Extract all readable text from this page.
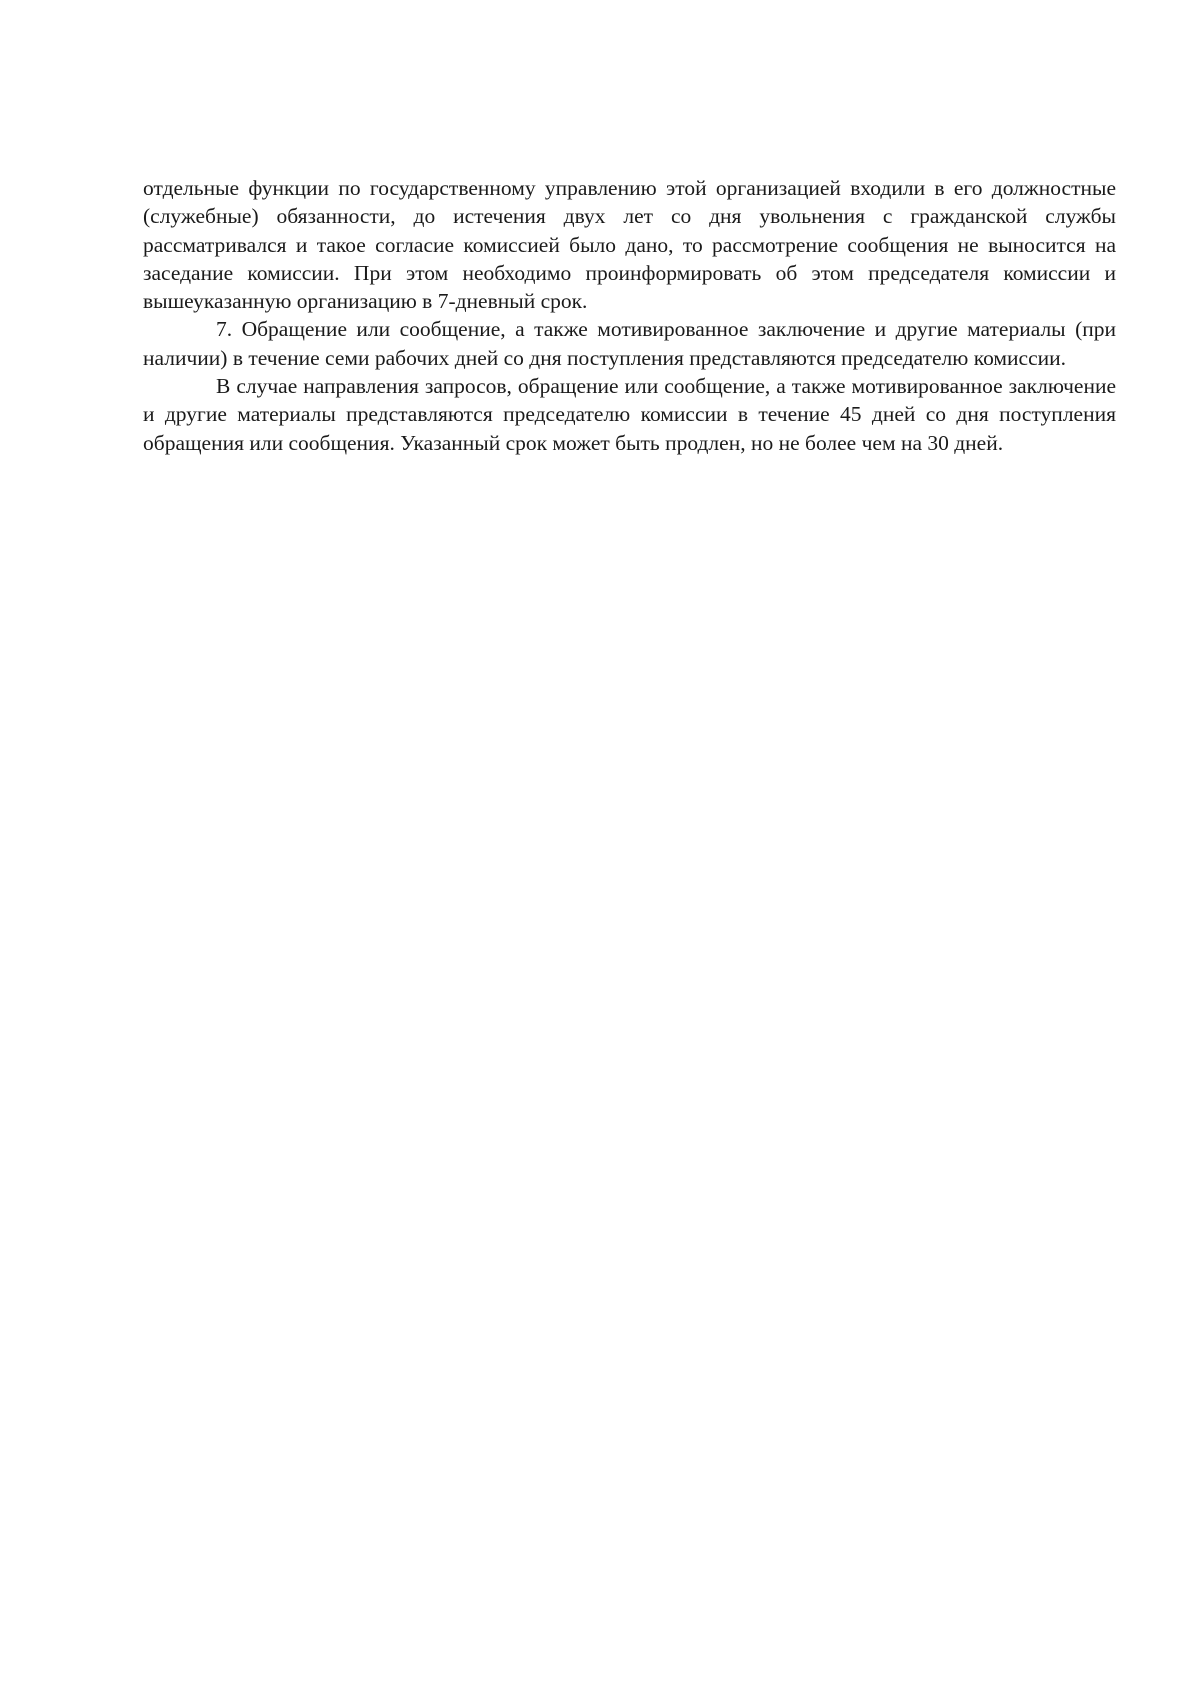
отдельные функции по государственному управлению этой организацией входили в его должностные (служебные) обязанности, до истечения двух лет со дня увольнения с гражданской службы рассматривался и такое согласие комиссией было дано, то рассмотрение сообщения не выносится на заседание комиссии. При этом необходимо проинформировать об этом председателя комиссии и вышеуказанную организацию в 7-дневный срок.

7. Обращение или сообщение, а также мотивированное заключение и другие материалы (при наличии) в течение семи рабочих дней со дня поступления представляются председателю комиссии.

В случае направления запросов, обращение или сообщение, а также мотивированное заключение и другие материалы представляются председателю комиссии в течение 45 дней со дня поступления обращения или сообщения. Указанный срок может быть продлен, но не более чем на 30 дней.
